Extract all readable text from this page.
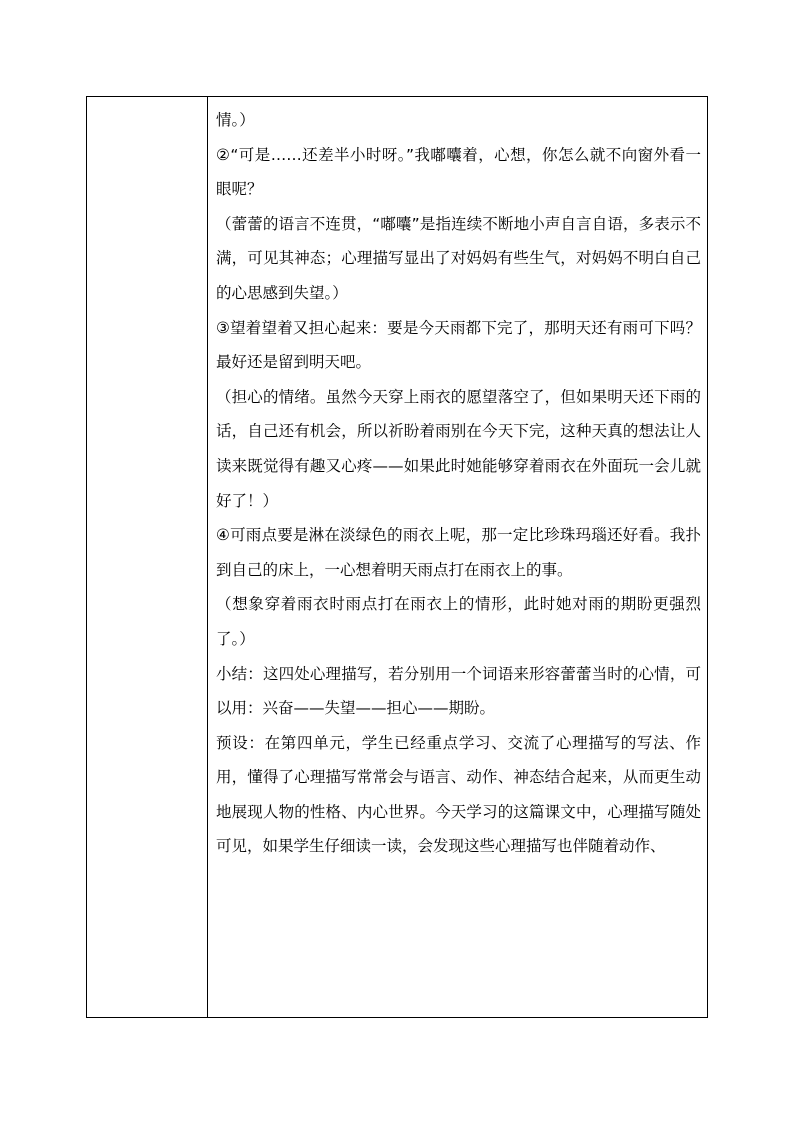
情。）

②“可是……还差半小时呀。”我嘟囔着，心想，你怎么就不向窗外看一眼呢？

（蕾蕾的语言不连贯，“嘟囔”是指连续不断地小声自言自语，多表示不满，可见其神态；心理描写显出了对妈妈有些生气，对妈妈不明白自己的心思感到失望。）

③望着望着又担心起来：要是今天雨都下完了，那明天还有雨可下吗？最好还是留到明天吧。

（担心的情绪。虽然今天穿上雨衣的愿望落空了，但如果明天还下雨的话，自己还有机会，所以祈盼着雨别在今天下完，这种天真的想法让人读来既觉得有趣又心疼——如果此时她能够穿着雨衣在外面玩一会儿就好了！）

④可雨点要是淋在淡绿色的雨衣上呢，那一定比珍珠玛瑙还好看。我扑到自己的床上，一心想着明天雨点打在雨衣上的事。

（想象穿着雨衣时雨点打在雨衣上的情形，此时她对雨的期盼更强烈了。）

小结：这四处心理描写，若分别用一个词语来形容蕾蕾当时的心情，可以用：兴奋——失望——担心——期盼。

预设：在第四单元，学生已经重点学习、交流了心理描写的写法、作用，懂得了心理描写常常会与语言、动作、神态结合起来，从而更生动地展现人物的性格、内心世界。今天学习的这篇课文中，心理描写随处可见，如果学生仔细读一读，会发现这些心理描写也伴随着动作、
